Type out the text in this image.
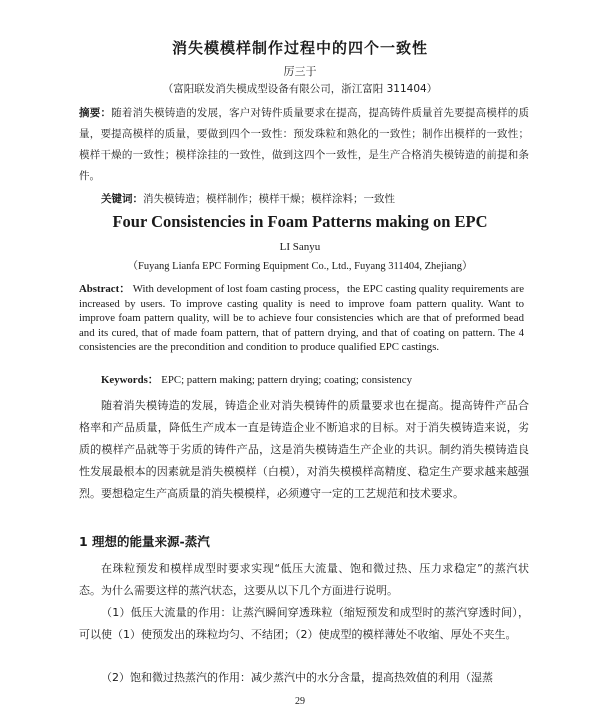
消失模模样制作过程中的四个一致性
厉三于
（富阳联发消失模成型设备有限公司，浙江富阳 311404）
摘要：随着消失模铸造的发展，客户对铸件质量要求在提高，提高铸件质量首先要提高模样的质量，要提高模样的质量，要做到四个一致性：预发珠粒和熟化的一致性；制作出模样的一致性；模样干燥的一致性；模样涂挂的一致性，做到这四个一致性，是生产合格消失模铸造的前提和条件。
关键词：消失模铸造；模样制作；模样干燥；模样涂料；一致性
Four Consistencies in Foam Patterns making on EPC
LI Sanyu
（Fuyang Lianfa EPC Forming Equipment Co., Ltd., Fuyang 311404, Zhejiang）
Abstract： With development of lost foam casting process，the EPC casting quality requirements are increased by users. To improve casting quality is need to improve foam pattern quality. Want to improve foam pattern quality, will be to achieve four consistencies which are that of preformed bead and its cured, that of made foam pattern, that of pattern drying, and that of coating on pattern. The 4 consistencies are the precondition and condition to produce qualified EPC castings.
Keywords： EPC; pattern making; pattern drying; coating; consistency
随着消失模铸造的发展，铸造企业对消失模铸件的质量要求也在提高。提高铸件产品合格率和产品质量，降低生产成本一直是铸造企业不断追求的目标。对于消失模铸造来说，劣质的模样产品就等于劣质的铸件产品，这是消失模铸造生产企业的共识。制约消失模铸造良性发展最根本的因素就是消失模模样（白模），对消失模模样高精度、稳定生产要求越来越强烈。要想稳定生产高质量的消失模模样，必须遵守一定的工艺规范和技术要求。
1 理想的能量来源-蒸汽
在珠粒预发和模样成型时要求实现“低压大流量、饱和微过热、压力求稳定”的蒸汽状态。为什么需要这样的蒸汽状态，这要从以下几个方面进行说明。
（1）低压大流量的作用：让蒸汽瞬间穿透珠粒（缩短预发和成型时的蒸汽穿透时间），可以使（1）使预发出的珠粒均匀、不结团；（2）使成型的模样薄处不收缩、厚处不夹生。
（2）饱和微过热蒸汽的作用：减少蒸汽中的水分含量，提高热效值的利用（湿蒸
29
